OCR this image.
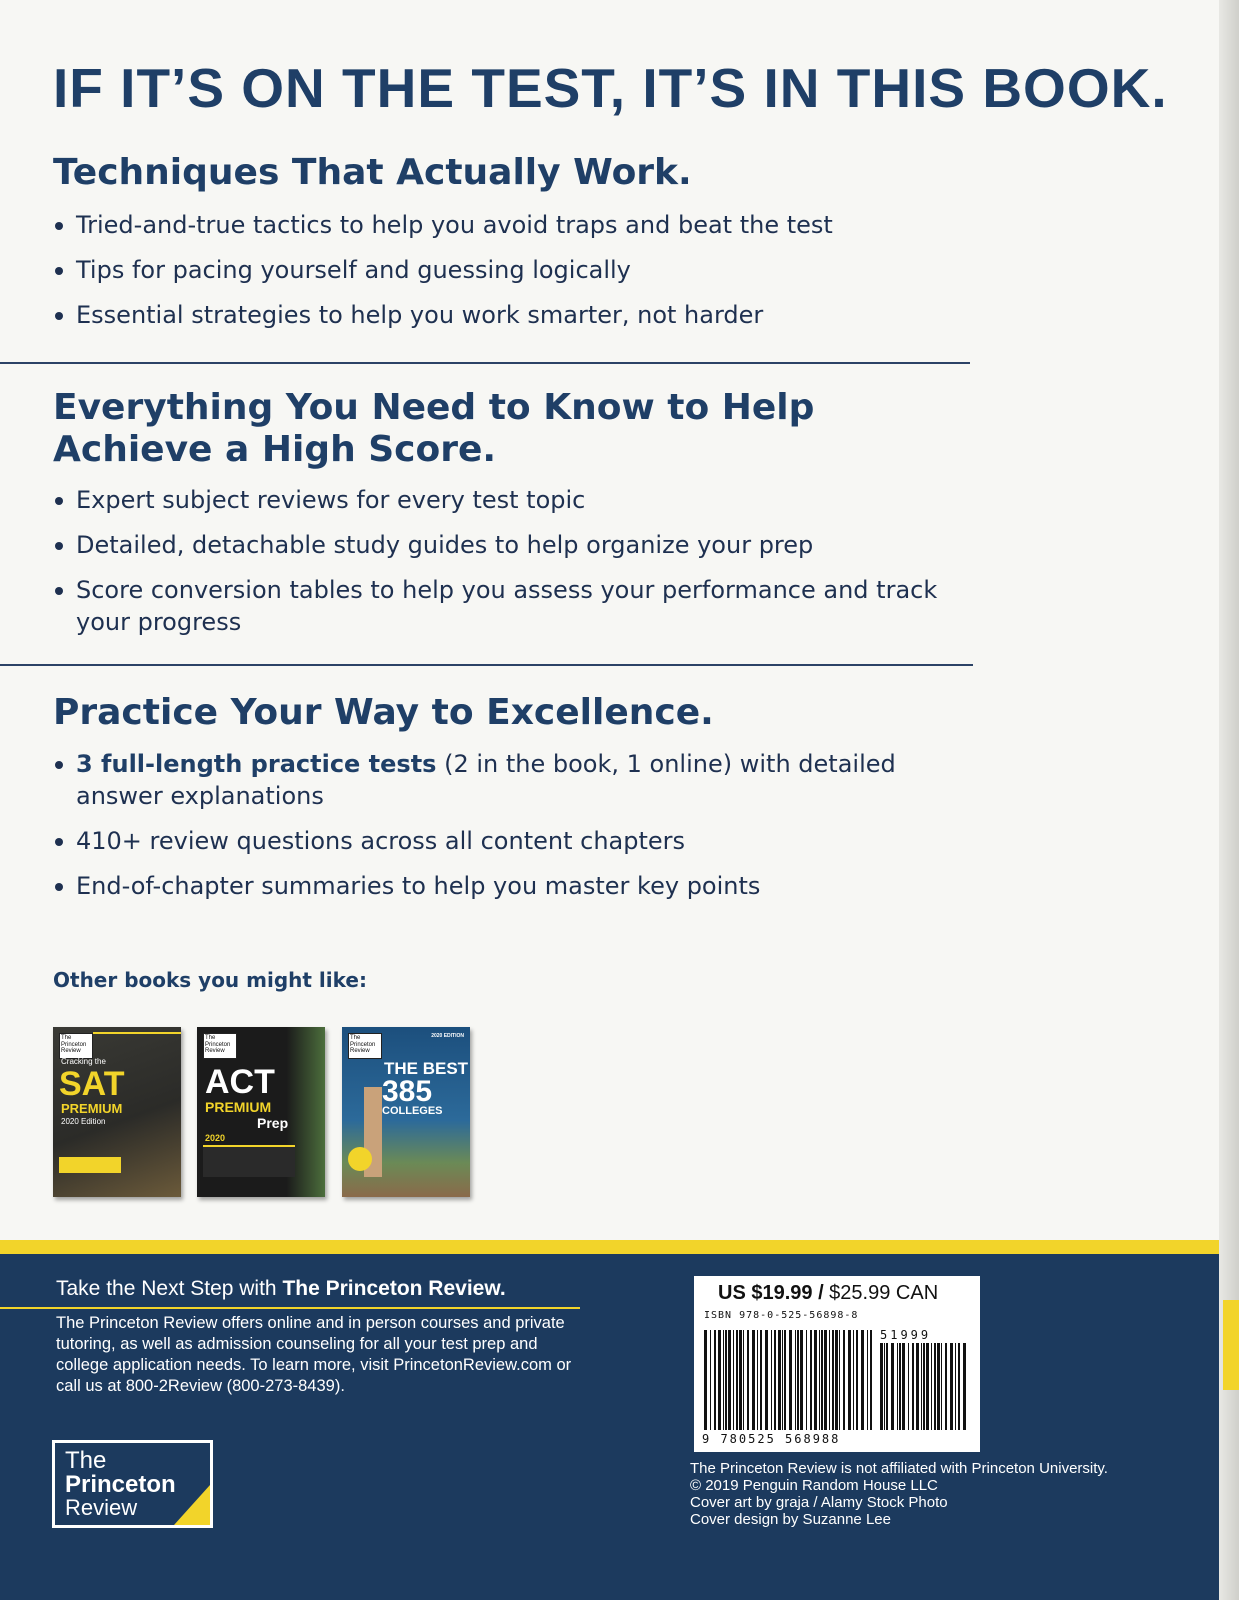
IF IT’S ON THE TEST, IT’S IN THIS BOOK.
Techniques That Actually Work.
Tried-and-true tactics to help you avoid traps and beat the test
Tips for pacing yourself and guessing logically
Essential strategies to help you work smarter, not harder
Everything You Need to Know to Help
Achieve a High Score.
Expert subject reviews for every test topic
Detailed, detachable study guides to help organize your prep
Score conversion tables to help you assess your performance and track your progress
Practice Your Way to Excellence.
3 full-length practice tests (2 in the book, 1 online) with detailed answer explanations
410+ review questions across all content chapters
End-of-chapter summaries to help you master key points
Other books you might like:
The Princeton Review
Cracking the
SAT
PREMIUM
2020 Edition
The Princeton Review
ACT
PREMIUM
Prep
2020
The Princeton Review
2020 EDITION
THE BEST
385
COLLEGES
Take the Next Step with The Princeton Review.

The Princeton Review offers online and in person courses and private tutoring, as well as admission counseling for all your test prep and college application needs. To learn more, visit PrincetonReview.com or call us at 800-2Review (800-273-8439).

The
Princeton
Review
US $19.99 / $25.99 CAN
ISBN 978-0-525-56898-8
51999
9 780525 568988
The Princeton Review is not affiliated with Princeton University.
© 2019 Penguin Random House LLC
Cover art by graja / Alamy Stock Photo
Cover design by Suzanne Lee
